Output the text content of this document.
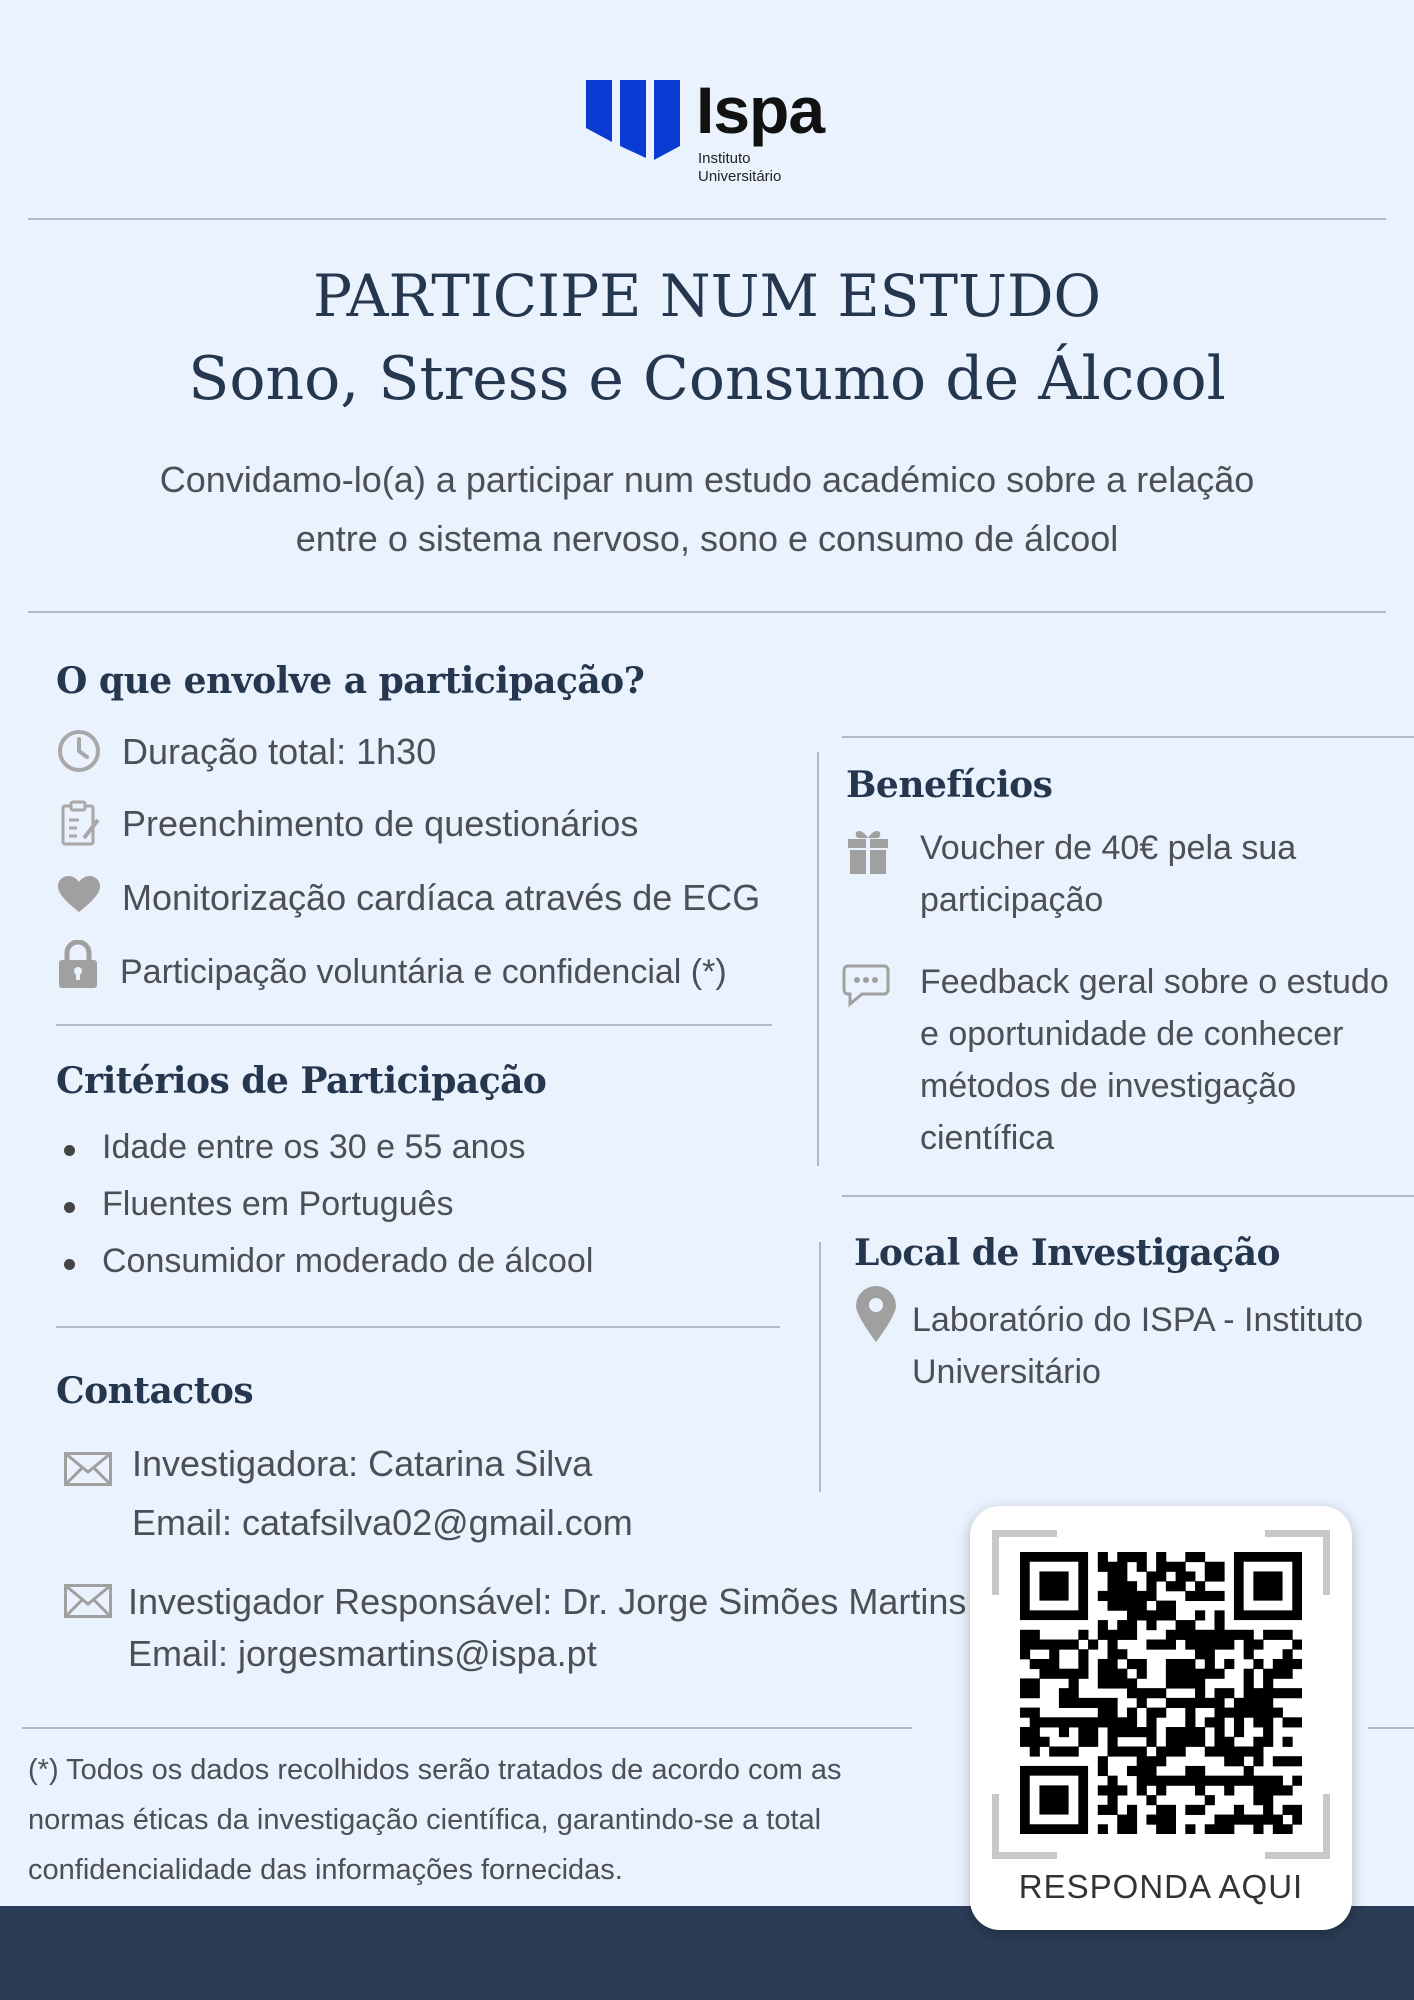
Ispa
Instituto
Universitário
PARTICIPE NUM ESTUDO
Sono, Stress e Consumo de Álcool
Convidamo-lo(a) a participar num estudo académico sobre a relação
entre o sistema nervoso, sono e consumo de álcool
O que envolve a participação?
Duração total: 1h30
Preenchimento de questionários
Monitorização cardíaca através de ECG
Participação voluntária e confidencial (*)
Critérios de Participação
Idade entre os 30 e 55 anos
Fluentes em Português
Consumidor moderado de álcool
Contactos
Investigadora: Catarina Silva
Email: catafsilva02@gmail.com
Investigador Responsável: Dr. Jorge Simões Martins
Email: jorgesmartins@ispa.pt
Benefícios
Voucher de 40€ pela sua
participação
Feedback geral sobre o estudo
e oportunidade de conhecer
métodos de investigação
científica
Local de Investigação
Laboratório do ISPA - Instituto
Universitário
(*) Todos os dados recolhidos serão tratados de acordo com as
normas éticas da investigação científica, garantindo-se a total
confidencialidade das informações fornecidas.	RESPONDA AQUI
